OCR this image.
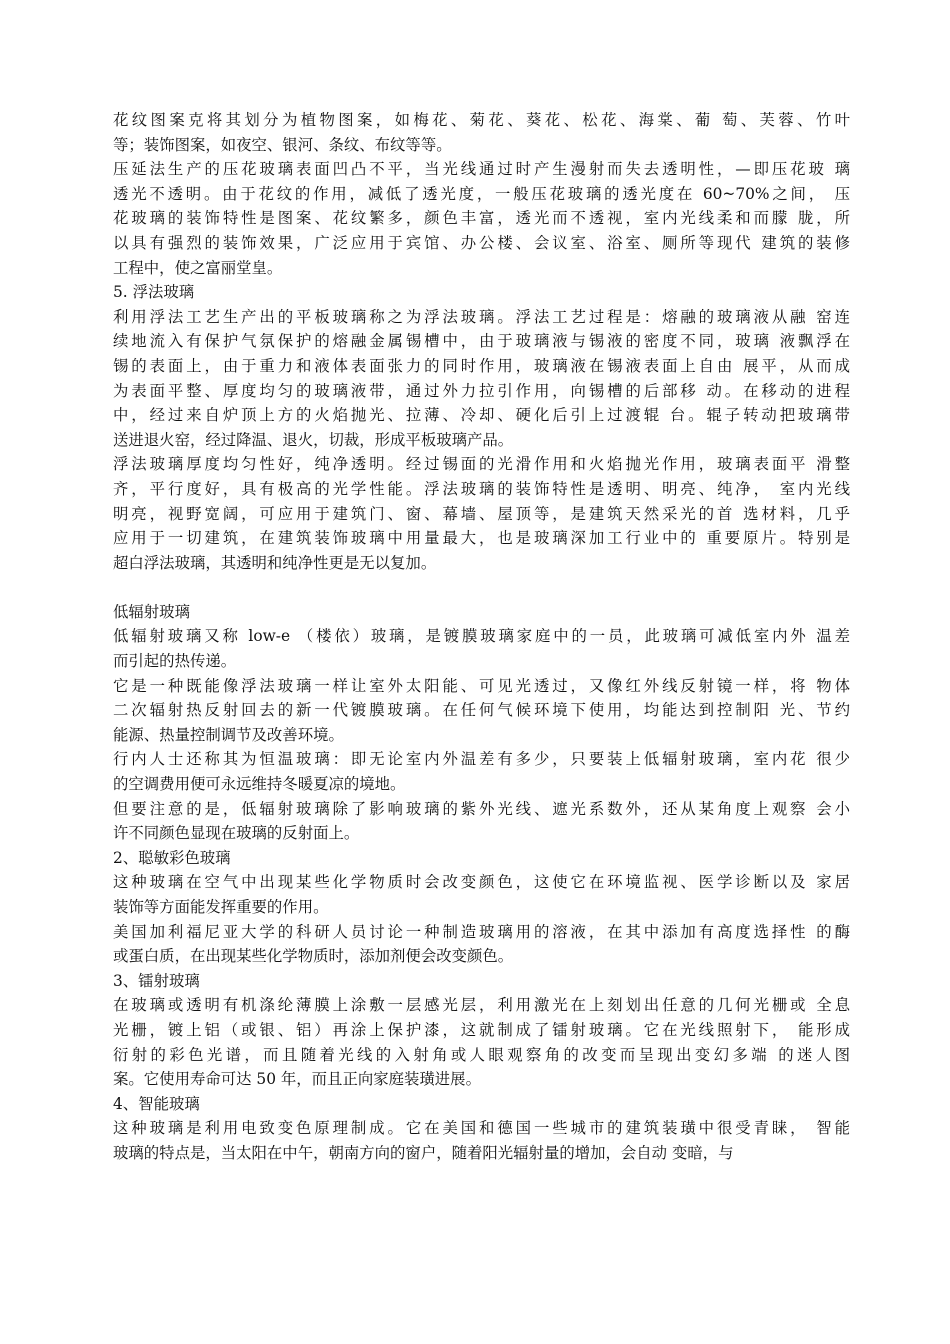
花纹图案克将其划分为植物图案，如梅花、菊花、葵花、松花、海棠、葡 萄、芙蓉、竹叶
等；装饰图案，如夜空、银河、条纹、布纹等等。
压延法生产的压花玻璃表面凹凸不平，当光线通过时产生漫射而失去透明性，—即压花玻 璃
透光不透明。由于花纹的作用，减低了透光度，一般压花玻璃的透光度在 60~70%之间， 压
花玻璃的装饰特性是图案、花纹繁多，颜色丰富，透光而不透视，室内光线柔和而朦 胧，所
以具有强烈的装饰效果，广泛应用于宾馆、办公楼、会议室、浴室、厕所等现代 建筑的装修
工程中，使之富丽堂皇。
5. 浮法玻璃
利用浮法工艺生产出的平板玻璃称之为浮法玻璃。浮法工艺过程是：熔融的玻璃液从融 窑连
续地流入有保护气氛保护的熔融金属锡槽中，由于玻璃液与锡液的密度不同，玻璃 液飘浮在
锡的表面上，由于重力和液体表面张力的同时作用，玻璃液在锡液表面上自由 展平，从而成
为表面平整、厚度均匀的玻璃液带，通过外力拉引作用，向锡槽的后部移 动。在移动的进程
中，经过来自炉顶上方的火焰抛光、拉薄、冷却、硬化后引上过渡辊 台。辊子转动把玻璃带
送进退火窑，经过降温、退火，切裁，形成平板玻璃产品。
浮法玻璃厚度均匀性好，纯净透明。经过锡面的光滑作用和火焰抛光作用，玻璃表面平 滑整
齐，平行度好，具有极高的光学性能。浮法玻璃的装饰特性是透明、明亮、纯净， 室内光线
明亮，视野宽阔，可应用于建筑门、窗、幕墙、屋顶等，是建筑天然采光的首 选材料，几乎
应用于一切建筑，在建筑装饰玻璃中用量最大，也是玻璃深加工行业中的 重要原片。特别是
超白浮法玻璃，其透明和纯净性更是无以复加。
低辐射玻璃
低辐射玻璃又称 low-e （楼依）玻璃，是镀膜玻璃家庭中的一员，此玻璃可减低室内外 温差
而引起的热传递。
它是一种既能像浮法玻璃一样让室外太阳能、可见光透过，又像红外线反射镜一样，将 物体
二次辐射热反射回去的新一代镀膜玻璃。在任何气候环境下使用，均能达到控制阳 光、节约
能源、热量控制调节及改善环境。
行内人士还称其为恒温玻璃：即无论室内外温差有多少，只要装上低辐射玻璃，室内花 很少
的空调费用便可永远维持冬暖夏凉的境地。
但要注意的是，低辐射玻璃除了影响玻璃的紫外光线、遮光系数外，还从某角度上观察 会小
许不同颜色显现在玻璃的反射面上。
2、聪敏彩色玻璃
这种玻璃在空气中出现某些化学物质时会改变颜色，这使它在环境监视、医学诊断以及 家居
装饰等方面能发挥重要的作用。
美国加利福尼亚大学的科研人员讨论一种制造玻璃用的溶液，在其中添加有高度选择性 的酶
或蛋白质，在出现某些化学物质时，添加剂便会改变颜色。
3、镭射玻璃
在玻璃或透明有机涤纶薄膜上涂敷一层感光层，利用激光在上刻划出任意的几何光栅或 全息
光栅，镀上铝（或银、铝）再涂上保护漆，这就制成了镭射玻璃。它在光线照射下， 能形成
衍射的彩色光谱，而且随着光线的入射角或人眼观察角的改变而呈现出变幻多端 的迷人图
案。它使用寿命可达 50 年，而且正向家庭装璜进展。
4、智能玻璃
这种玻璃是利用电致变色原理制成。它在美国和德国一些城市的建筑装璜中很受青睐， 智能
玻璃的特点是，当太阳在中午，朝南方向的窗户，随着阳光辐射量的增加，会自动 变暗，与
